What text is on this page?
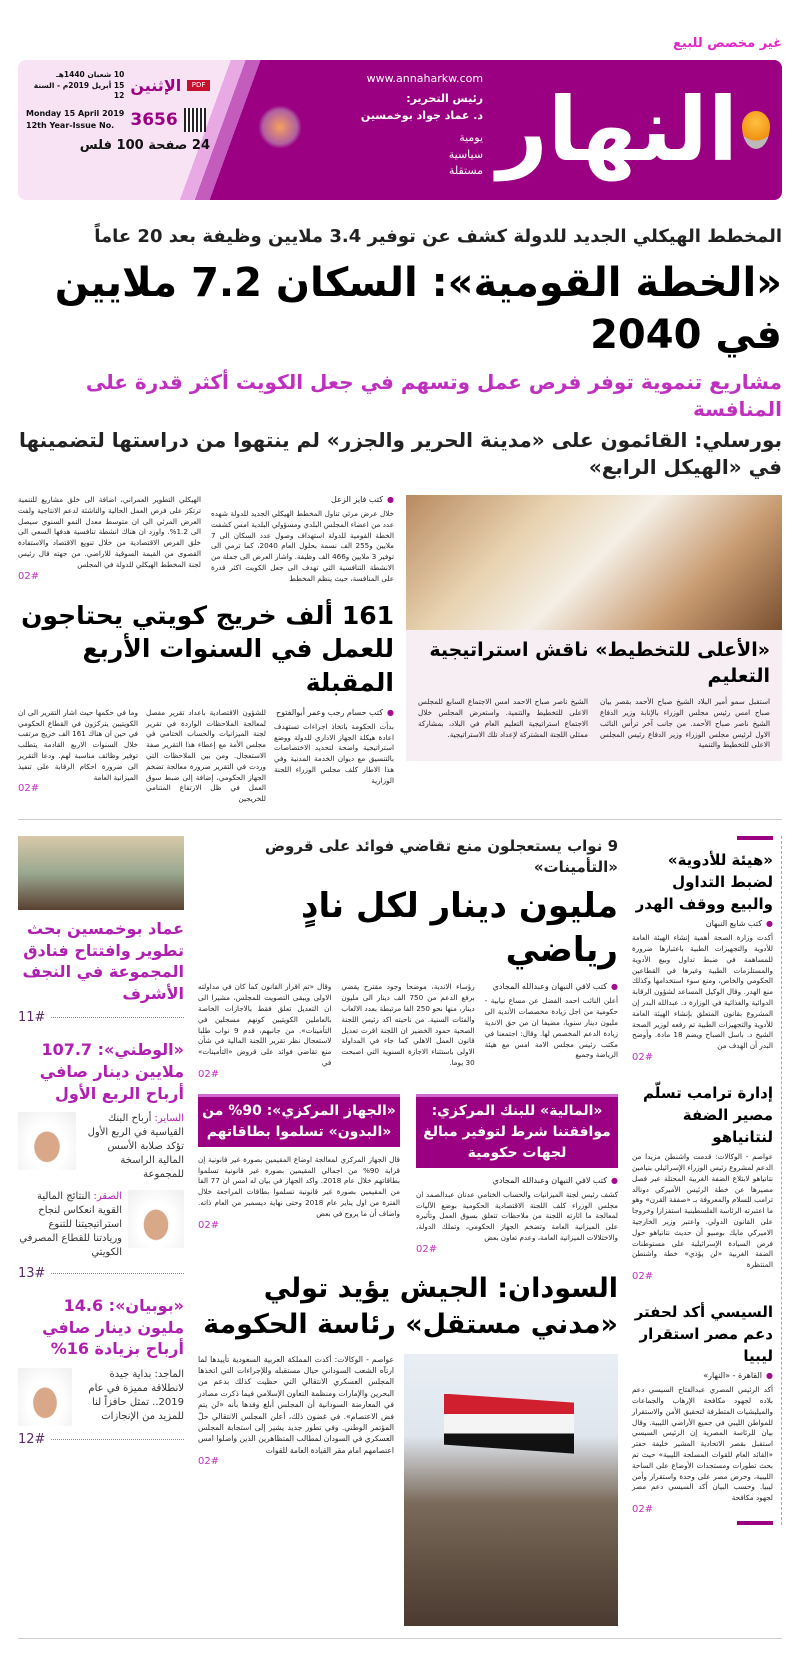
غير مخصص للبيع
10 شعبان 1440هـ
15 أبريل 2019م - السنة 12
الإثنين	PDF
Monday 15 April 2019
12th Year-Issue No. 3656
24 صفحة 100 فلس
www.annaharkw.com
رئيس التحرير:
د. عماد جواد بوخمسين
يومية
سياسية
مستقلة النهار
المخطط الهيكلي الجديد للدولة كشف عن توفير 3.4 ملايين وظيفة بعد 20 عاماً
«الخطة القومية»: السكان 7.2 ملايين في 2040
مشاريع تنموية توفر فرص عمل وتسهم في جعل الكويت أكثر قدرة على المنافسة
بورسلي: القائمون على «مدينة الحرير والجزر» لم ينتهوا من دراستها لتضمينها في «الهيكل الرابع»
«الأعلى للتخطيط» ناقش استراتيجية التعليم
استقبل سمو أمير البلاد الشيخ صباح الأحمد بقصر بيان صباح امس رئيس مجلس الوزراء بالإنابة وزير الدفاع الشيخ ناصر صباح الأحمد. من جانب آخر ترأس النائب الاول لرئيس مجلس الوزراء وزير الدفاع رئيس المجلس الاعلى للتخطيط والتنمية
الشيخ ناصر صباح الاحمد امس الاجتماع السابع للمجلس الاعلى للتخطيط والتنمية. واستعرض المجلس خلال الاجتماع استراتيجية التعليم العام في البلاد، بمشاركة ممثلي اللجنة المشتركة لإعداد تلك الاستراتيجية.
● كتب فايز الزعل
خلال عرض مرئي تناول المخطط الهيكلي الجديد للدولة شهده عدد من اعضاء المجلس البلدي ومسؤولي البلدية امس كشفت الخطة القومية للدولة استهداف وصول عدد السكان الى 7 ملايين و255 الف نسمة بحلول العام 2040، كما ترمي الى توفير 3 ملايين و466 الف وظيفة. واشار العرض الى جملة من الانشطة التنافسية التي تهدف الى جعل الكويت اكثر قدرة على المنافسة، حيث ينظم المخطط
الهيكلي التطوير العمراني، اضافة الى خلق مشاريع للتنمية ترتكز على فرص العمل الحالية والناشئة لدعم الانتاجية ولفت العرض المرئي الى ان متوسط معدل النمو السنوي سيصل الى 1.2%. واورد ان هناك انشطة تنافسية هدفها السعي الى خلق الفرص الاقتصادية من خلال تنويع الاقتصاد والاستفادة القصوى من القيمة السوقية للاراضي. من جهته قال رئيس لجنة المخطط الهيكلي للدولة في المجلس
02#
161 ألف خريج كويتي يحتاجون للعمل في السنوات الأربع المقبلة
● كتب حسام رجب وعمر أبوالفتوح
بدأت الحكومة باتخاذ اجراءات تستهدف اعادة هيكلة الجهاز الاداري للدولة ووضع استراتيجية واضحة لتحديد الاختصاصات بالتنسيق مع ديوان الخدمة المدنية وفي هذا الاطار كلف مجلس الوزراء اللجنة الوزارية
للشؤون الاقتصادية باعداد تقرير مفصل لمعالجة الملاحظات الواردة في تقرير لجنة الميزانيات والحساب الختامي في مجلس الأمة مع إعطاء هذا التقرير صفة الاستعجال. ومن بين الملاحظات التي وردت في التقرير ضرورة معالجة تضخم الجهاز الحكومي، إضافة إلى ضبط سوق العمل في ظل الارتفاع المتنامي للخريجين
وما في حكمها حيث اشار التقرير الى ان الكويتيين يتركزون في القطاع الحكومي في حين ان هناك 161 الف خريج مرتقب خلال السنوات الاربع القادمة يتطلب توفير وظائف مناسبة لهم. ودعا التقرير الى ضرورة احكام الرقابة على تنفيذ الميزانية العامة
02#
«هيئة للأدوية» لضبط التداول والبيع ووقف الهدر
● كتب شايع النبهان
أكدت وزارة الصحة أهمية إنشاء الهيئة العامة للأدوية والتجهيزات الطبية باعتبارها ضرورة للمساهمة في ضبط تداول وبيع الأدوية والمستلزمات الطبية وغيرها في القطاعين الحكومي والخاص، ومنع سوء استخدامها وكذلك منع الهدر. وقال الوكيل المساعد لشؤون الرقابة الدوائية والغذائية في الوزارة د. عبدالله البدر إن المشروع بقانون المتعلق بإنشاء الهيئة العامة للأدوية والتجهيزات الطبية تم رفعه لوزير الصحة الشيخ د. باسل الصباح ويضم 18 مادة. وأوضح البدر أن الهدف من
02#
إدارة ترامب تسلّم مصير الضفة لنتانياهو
عواصم - الوكالات: قدمت واشنطن مزيدا من الدعم لمشروع رئيس الوزراء الإسرائيلي بنيامين نتانياهو لابتلاع الضفة الغربية المحتلة عبر فصل مصيرها عن خطة الرئيس الأميركي دونالد ترامب للسلام والمعروفة بـ «صفقة القرن» وهو ما اعتبرته الرئاسة الفلسطينية استفزازا وخروجا على القانون الدولي. واعتبر وزير الخارجية الاميركي مايك بومبيو أن حديث نتانياهو حول فرض السيادة الإسرائيلية على مستوطنات الضفة الغربية «لن يؤذي» خطة واشنطن المنتظرة
02#
السيسي أكد لحفتر دعم مصر استقرار ليبيا
● القاهرة - «النهار»
أكد الرئيس المصري عبدالفتاح السيسي دعم بلاده لجهود مكافحة الإرهاب والجماعات والميليشيات المتطرفة لتحقيق الأمن والاستقرار للمواطن الليبي في جميع الأراضي الليبية. وقال بيان للرئاسة المصرية إن الرئيس السيسي استقبل بقصر الاتحادية المشير خليفة حفتر «القائد العام للقوات المسلحة الليبية» حيث تم بحث تطورات ومستجدات الأوضاع على الساحة الليبية، وحرص مصر على وحدة واستقرار وأمن ليبيا. وحسب البيان أكد السيسي دعم مصر لجهود مكافحة
02#
9 نواب يستعجلون منع تقاضي فوائد على قروض «التأمينات»
مليون دينار لكل نادٍ رياضي
● كتب لافي النبهان وعبدالله المجادي
أعلن النائب احمد الفضل عن مساع نيابية - حكومية من اجل زيادة مخصصات الأندية الى مليون دينار سنويا، مضيفا ان من حق الاندية زيادة الدعم المخصص لها. وقال: اجتمعنا في مكتب رئيس مجلس الامة امس مع هيئة الرياضة وجميع
رؤساء الاندية، موضحا وجود مقترح يقضي برفع الدعم من 750 الف دينار الى مليون دينار، منها نحو 250 الفا مرتبطة بعدد الالعاب والفئات السنية. من ناحيته اكد رئيس اللجنة الصحية حمود الخضير ان اللجنة اقرت تعديل قانون العمل الاهلي كما جاء في المداولة الاولى باستثناء الاجازة السنوية التي اصبحت 30 يوما.
وقال «تم اقرار القانون كما كان في مداولته الاولى ويبقى التصويت للمجلس، مشيرا الى ان التعديل تعلق فقط بالاجازات الخاصة بالعاملين الكويتيين كونهم مسجلين في التأمينات». من جانبهم، قدم 9 نواب طلبا لاستعجال نظر تقرير اللجنة المالية في شأن منع تقاضي فوائد على قروض «التأمينات» في
02#
«المالية» للبنك المركزي: موافقتنا شرط لتوفير مبالغ لجهات حكومية
● كتب لافي النبهان وعبدالله المجادي
كشف رئيس لجنة الميزانيات والحساب الختامي عدنان عبدالصمد ان مجلس الوزراء كلف اللجنة الاقتصادية الحكومية بوضع الآليات لمعالجة ما اثارته اللجنة من ملاحظات تتعلق بسوق العمل وتأثيره على الميزانية العامة وتضخم الجهاز الحكومي، وتملك الدولة، والاختلالات الميزانية العامة، وعدم تعاون بعض
02#
«الجهاز المركزي»: 90% من «البدون» تسلموا بطاقاتهم
قال الجهاز المركزي لمعالجة اوضاع المقيمين بصورة غير قانونية إن قرابة 90% من اجمالي المقيمين بصورة غير قانونية تسلموا بطاقاتهم خلال عام 2018. واكد الجهاز في بيان له امس ان 77 الفا من المقيمين بصورة غير قانونية تسلموا بطاقات المراجعة خلال الفترة من اول يناير عام 2018 وحتى نهاية ديسمبر من العام ذاته. واضاف أن ما يروج في بعض
02#
السودان: الجيش يؤيد تولي «مدني مستقل» رئاسة الحكومة
عواصم - الوكالات: أكدت المملكة العربية السعودية تأييدها لما ارتآه الشعب السوداني حيال مستقبله وللإجراءات التي اتخذها المجلس العسكري الانتقالي التي حظيت كذلك بدعم من البحرين والإمارات ومنظمة التعاون الإسلامي فيما ذكرت مصادر في المعارضة السودانية أن المجلس أبلغ وفدها بأنه «لن يتم فض الاعتصام». في غضون ذلك، أعلن المجلس الانتقالي حلّ المؤتمر الوطني. وفي تطور جديد يشير إلى استجابة المجلس العسكري في السودان لمطالب المتظاهرين الذين واصلوا امس اعتصامهم امام مقر القيادة العامة للقوات
02#
عماد بوخمسين بحث تطوير وافتتاح فنادق المجموعة في النجف الأشرف
11#
«الوطني»: 107.7 ملايين دينار صافي أرباح الربع الأول
الساير: أرباح البنك القياسية في الربع الأول تؤكد صلابة الأسس المالية الراسخة للمجموعة
الصقر: النتائج المالية القوية انعكاس لنجاح استراتيجيتنا للتنوع وريادتنا للقطاع المصرفي الكويتي
13#
«بوبيان»: 14.6 مليون دينار صافي أرباح بزيادة 16%
الماجد: بداية جيدة لانطلاقة مميزة في عام 2019.. تمثل حافزاً لنا للمزيد من الإنجازات
12#
